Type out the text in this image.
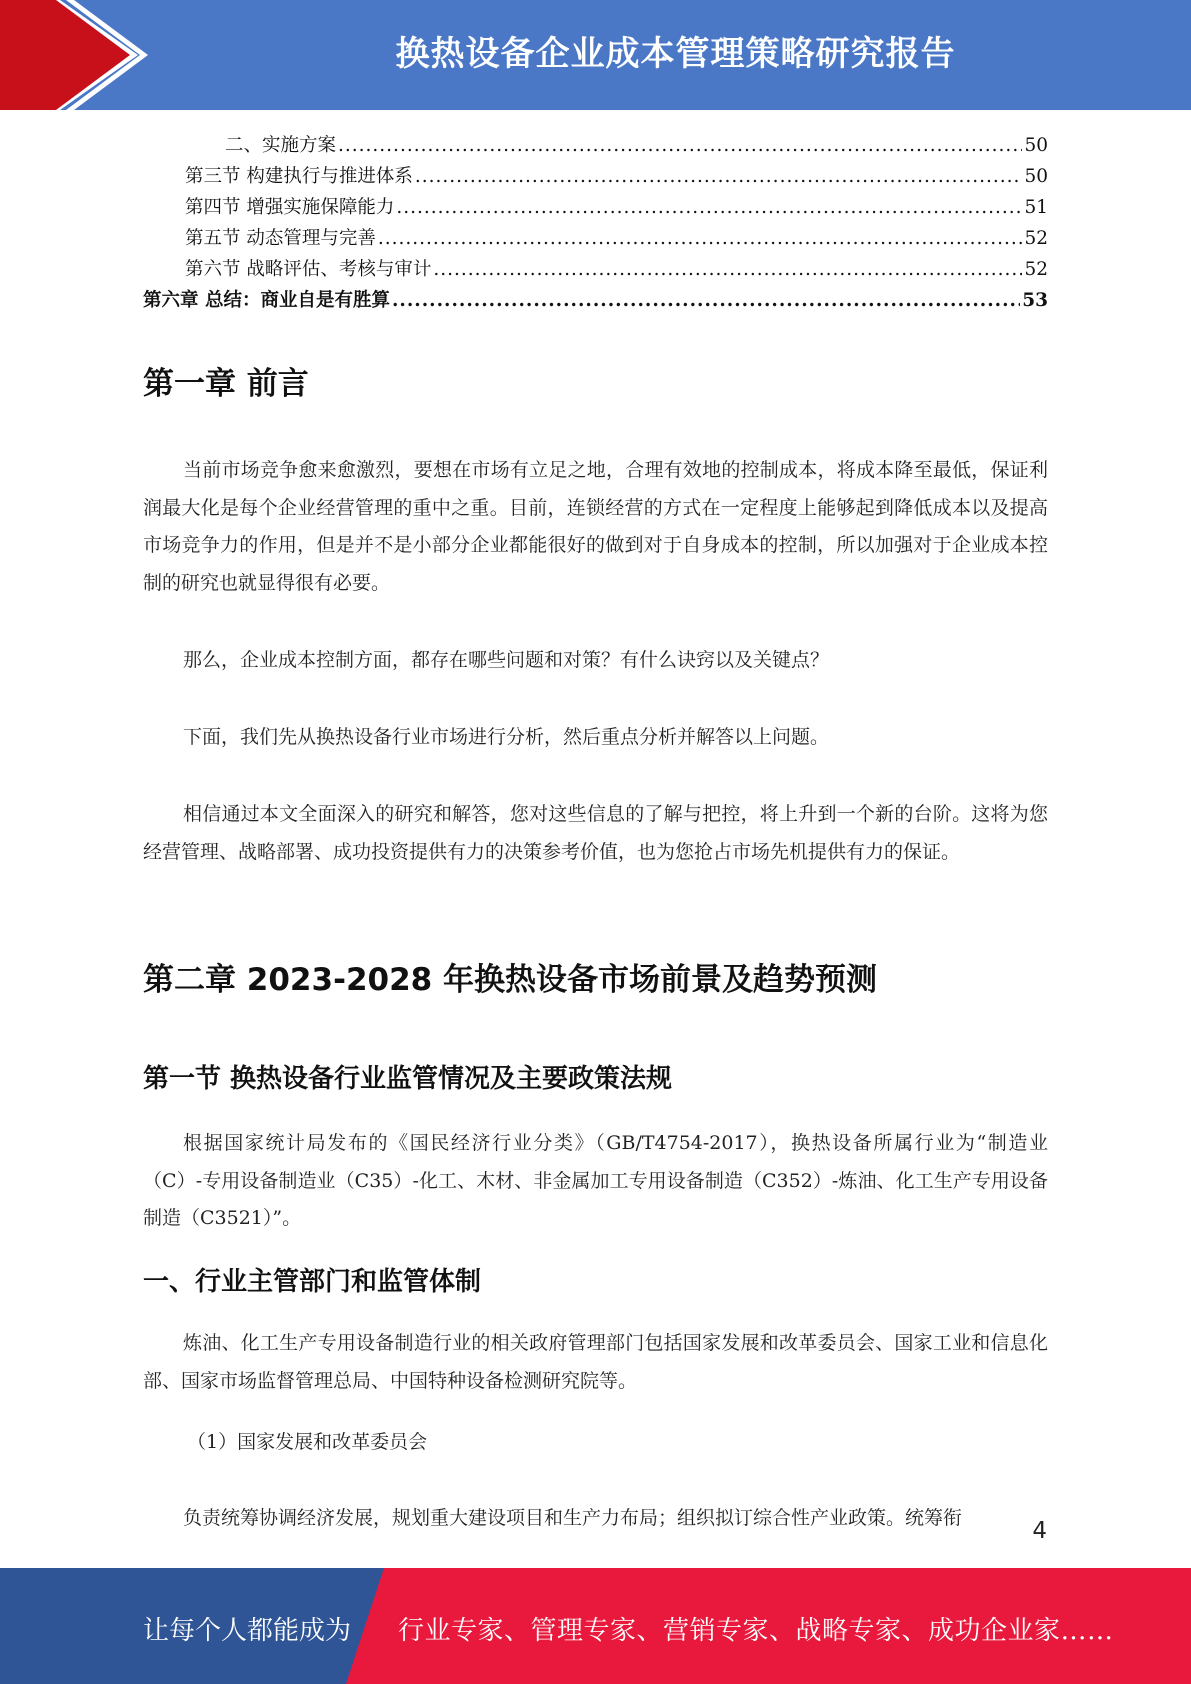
换热设备企业成本管理策略研究报告
二、实施方案 .....	50
第三节 构建执行与推进体系 .....	50
第四节 增强实施保障能力 .....	51
第五节 动态管理与完善 .....	52
第六节 战略评估、考核与审计 .....	52
第六章 总结：商业自是有胜算 .....	53
第一章 前言

当前市场竞争愈来愈激烈，要想在市场有立足之地，合理有效地的控制成本，将成本降至最低，保证利润最大化是每个企业经营管理的重中之重。目前，连锁经营的方式在一定程度上能够起到降低成本以及提高市场竞争力的作用，但是并不是小部分企业都能很好的做到对于自身成本的控制，所以加强对于企业成本控制的研究也就显得很有必要。

那么，企业成本控制方面，都存在哪些问题和对策？有什么诀窍以及关键点？

下面，我们先从换热设备行业市场进行分析，然后重点分析并解答以上问题。

相信通过本文全面深入的研究和解答，您对这些信息的了解与把控，将上升到一个新的台阶。这将为您经营管理、战略部署、成功投资提供有力的决策参考价值，也为您抢占市场先机提供有力的保证。

第二章 2023-2028 年换热设备市场前景及趋势预测
第一节 换热设备行业监管情况及主要政策法规

根据国家统计局发布的《国民经济行业分类》（GB/T4754-2017），换热设备所属行业为“制造业（C）-专用设备制造业（C35）-化工、木材、非金属加工专用设备制造（C352）-炼油、化工生产专用设备制造（C3521）”。

一、行业主管部门和监管体制

炼油、化工生产专用设备制造行业的相关政府管理部门包括国家发展和改革委员会、国家工业和信息化部、国家市场监督管理总局、中国特种设备检测研究院等。

（1）国家发展和改革委员会

负责统筹协调经济发展，规划重大建设项目和生产力布局；组织拟订综合性产业政策。统筹衔	4
让每个人都能成为 行业专家、管理专家、营销专家、战略专家、成功企业家……
